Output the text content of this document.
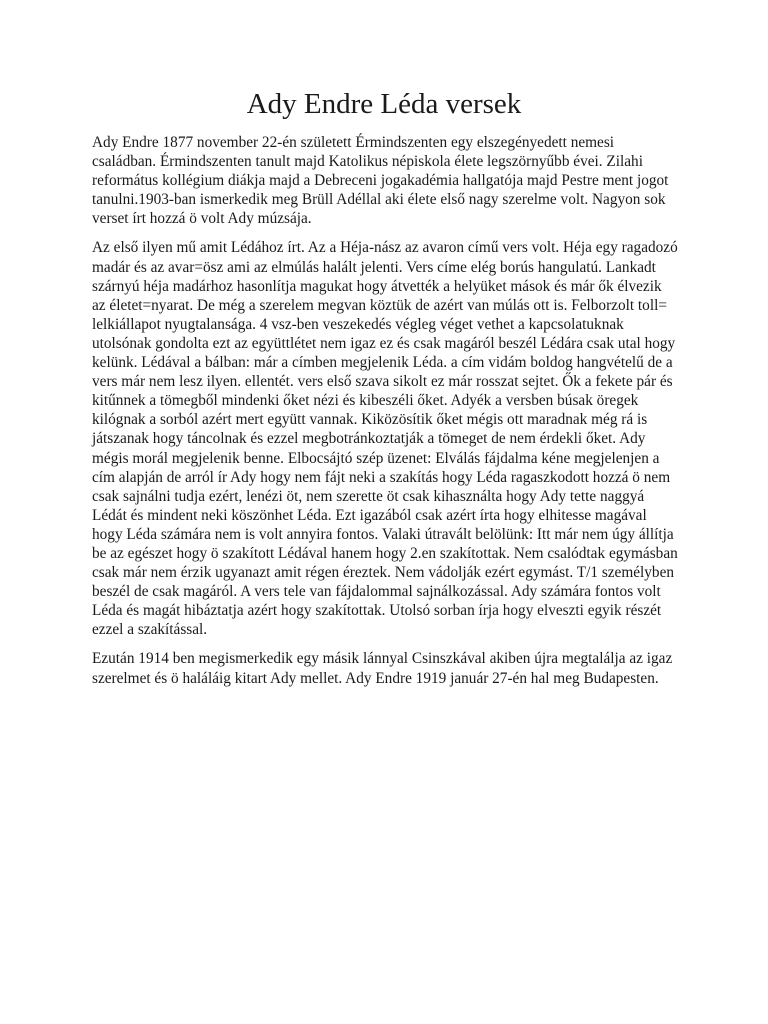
Ady Endre Léda versek

Ady Endre 1877 november 22-én született Érmindszenten egy elszegényedett nemesi családban. Érmindszenten tanult majd Katolikus népiskola élete legszörnyűbb évei. Zilahi református kollégium diákja majd a Debreceni jogakadémia hallgatója majd Pestre ment jogot tanulni.1903-ban ismerkedik meg Brüll Adéllal aki élete első nagy szerelme volt. Nagyon sok verset írt hozzá ö volt Ady múzsája.

Az első ilyen mű amit Lédához írt. Az a Héja-nász az avaron című vers volt. Héja egy ragadozó madár és az avar=ösz ami az elmúlás halált jelenti. Vers címe elég borús hangulatú. Lankadt szárnyú héja madárhoz hasonlítja magukat hogy átvették a helyüket mások és már ők élvezik az életet=nyarat. De még a szerelem megvan köztük de azért van múlás ott is. Felborzolt toll= lelkiállapot nyugtalansága. 4 vsz-ben veszekedés végleg véget vethet a kapcsolatuknak utolsónak gondolta ezt az együttlétet nem igaz ez és csak magáról beszél Lédára csak utal hogy kelünk. Lédával a bálban: már a címben megjelenik Léda. a cím vidám boldog hangvételű de a vers már nem lesz ilyen. ellentét. vers első szava sikolt ez már rosszat sejtet. Ők a fekete pár és kitűnnek a tömegből mindenki őket nézi és kibeszéli őket. Adyék a versben búsak öregek kilógnak a sorból azért mert együtt vannak. Kiközösítik őket mégis ott maradnak még rá is játszanak hogy táncolnak és ezzel megbotránkoztatják a tömeget de nem érdekli őket. Ady mégis morál megjelenik benne. Elbocsájtó szép üzenet: Elválás fájdalma kéne megjelenjen a cím alapján de arról ír Ady hogy nem fájt neki a szakítás hogy Léda ragaszkodott hozzá ö nem csak sajnálni tudja ezért, lenézi öt, nem szerette öt csak kihasználta hogy Ady tette naggyá Lédát és mindent neki köszönhet Léda. Ezt igazából csak azért írta hogy elhitesse magával hogy Léda számára nem is volt annyira fontos. Valaki útravált belölünk: Itt már nem úgy állítja be az egészet hogy ö szakított Lédával hanem hogy 2.en szakítottak. Nem csalódtak egymásban csak már nem érzik ugyanazt amit régen éreztek. Nem vádolják ezért egymást. T/1 személyben beszél de csak magáról. A vers tele van fájdalommal sajnálkozással. Ady számára fontos volt Léda és magát hibáztatja azért hogy szakítottak. Utolsó sorban írja hogy elveszti egyik részét ezzel a szakítással.

Ezután 1914 ben megismerkedik egy másik lánnyal Csinszkával akiben újra megtalálja az igaz szerelmet és ö haláláig kitart Ady mellet. Ady Endre 1919 január 27-én hal meg Budapesten.
